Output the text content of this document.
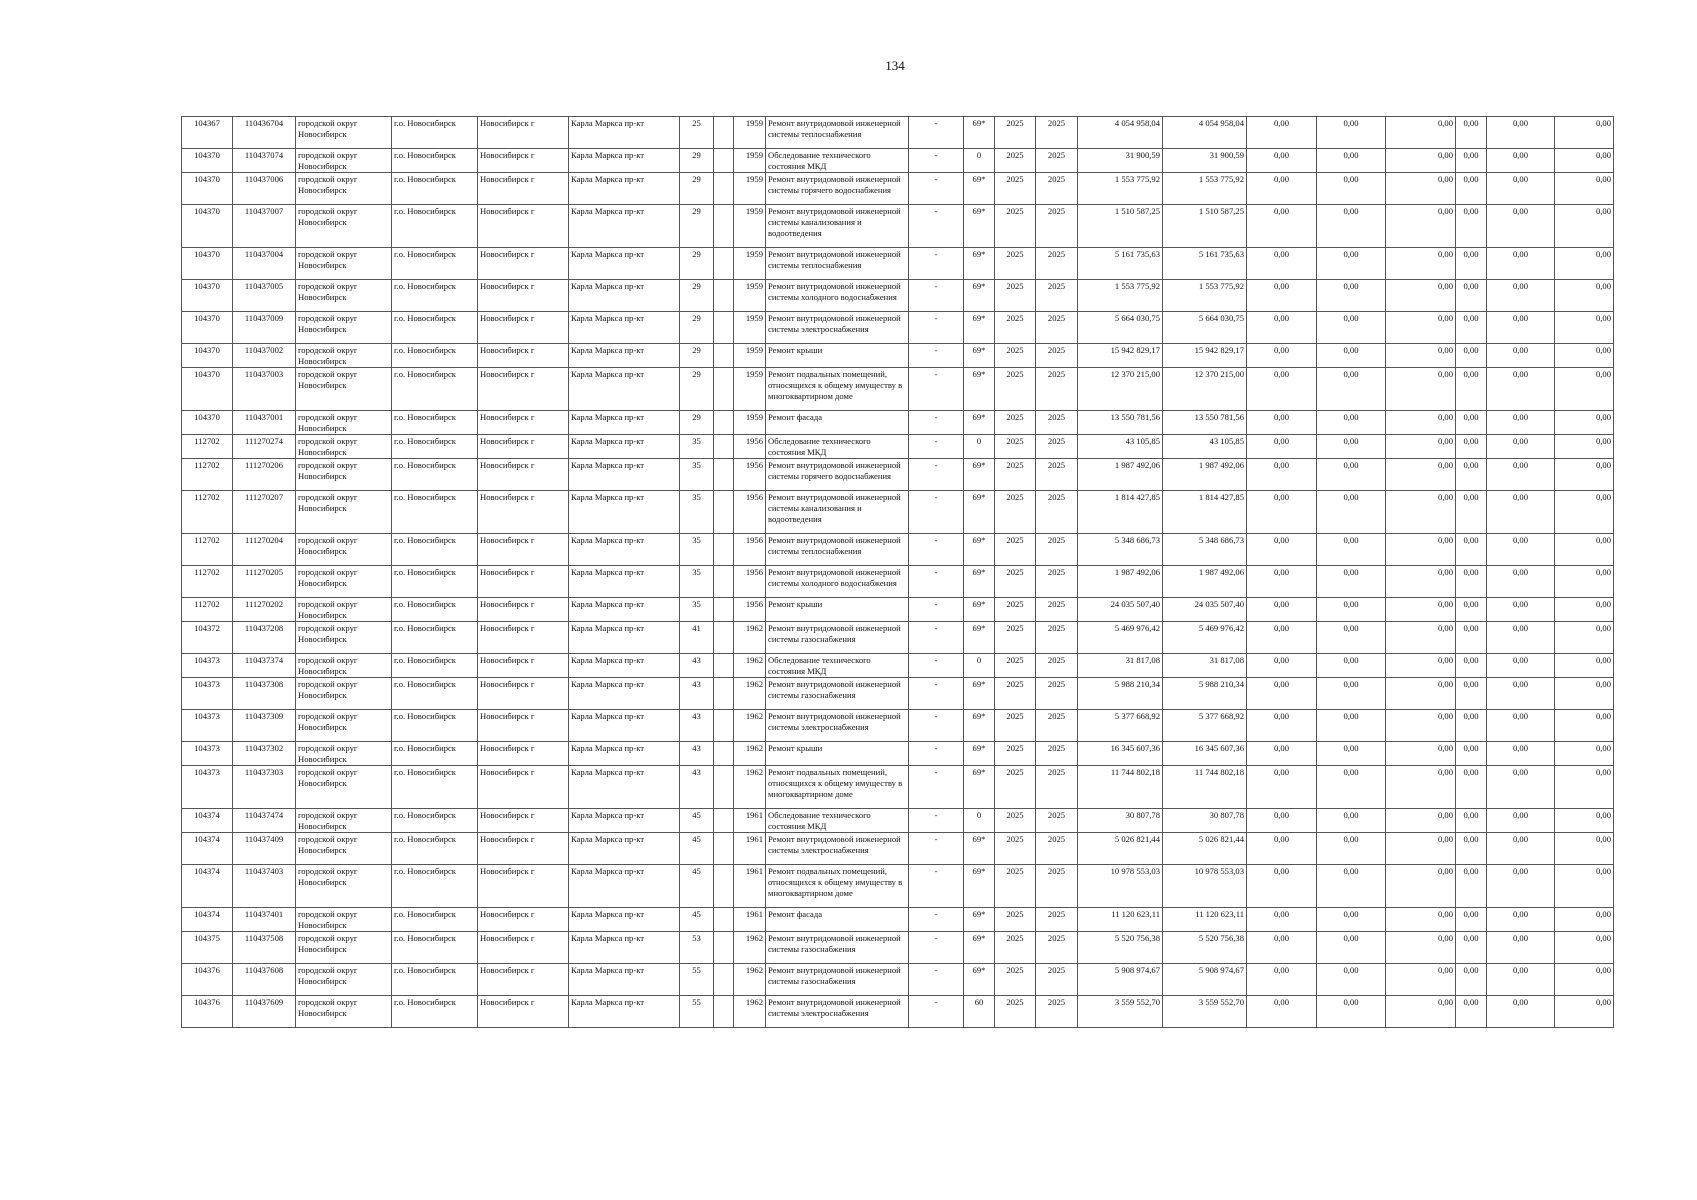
134
104367	110436704	городской округ Новосибирск	г.о. Новосибирск	Новосибирск г	Карла Маркса пр-кт	25		1959	Ремонт внутридомовой инженерной системы теплоснабжения	-	69*	2025	2025	4 054 958,04	4 054 958,04	0,00	0,00	0,00	0,00	0,00	0,00
104370	110437074	городской округ Новосибирск	г.о. Новосибирск	Новосибирск г	Карла Маркса пр-кт	29		1959	Обследование технического состояния МКД	-	0	2025	2025	31 900,59	31 900,59	0,00	0,00	0,00	0,00	0,00	0,00
104370	110437006	городской округ Новосибирск	г.о. Новосибирск	Новосибирск г	Карла Маркса пр-кт	29		1959	Ремонт внутридомовой инженерной системы горячего водоснабжения	-	69*	2025	2025	1 553 775,92	1 553 775,92	0,00	0,00	0,00	0,00	0,00	0,00
104370	110437007	городской округ Новосибирск	г.о. Новосибирск	Новосибирск г	Карла Маркса пр-кт	29		1959	Ремонт внутридомовой инженерной системы канализования и водоотведения	-	69*	2025	2025	1 510 587,25	1 510 587,25	0,00	0,00	0,00	0,00	0,00	0,00
104370	110437004	городской округ Новосибирск	г.о. Новосибирск	Новосибирск г	Карла Маркса пр-кт	29		1959	Ремонт внутридомовой инженерной системы теплоснабжения	-	69*	2025	2025	5 161 735,63	5 161 735,63	0,00	0,00	0,00	0,00	0,00	0,00
104370	110437005	городской округ Новосибирск	г.о. Новосибирск	Новосибирск г	Карла Маркса пр-кт	29		1959	Ремонт внутридомовой инженерной системы холодного водоснабжения	-	69*	2025	2025	1 553 775,92	1 553 775,92	0,00	0,00	0,00	0,00	0,00	0,00
104370	110437009	городской округ Новосибирск	г.о. Новосибирск	Новосибирск г	Карла Маркса пр-кт	29		1959	Ремонт внутридомовой инженерной системы электроснабжения	-	69*	2025	2025	5 664 030,75	5 664 030,75	0,00	0,00	0,00	0,00	0,00	0,00
104370	110437002	городской округ Новосибирск	г.о. Новосибирск	Новосибирск г	Карла Маркса пр-кт	29		1959	Ремонт крыши	-	69*	2025	2025	15 942 829,17	15 942 829,17	0,00	0,00	0,00	0,00	0,00	0,00
104370	110437003	городской округ Новосибирск	г.о. Новосибирск	Новосибирск г	Карла Маркса пр-кт	29		1959	Ремонт подвальных помещений, относящихся к общему имуществу в многоквартирном доме	-	69*	2025	2025	12 370 215,00	12 370 215,00	0,00	0,00	0,00	0,00	0,00	0,00
104370	110437001	городской округ Новосибирск	г.о. Новосибирск	Новосибирск г	Карла Маркса пр-кт	29		1959	Ремонт фасада	-	69*	2025	2025	13 550 781,56	13 550 781,56	0,00	0,00	0,00	0,00	0,00	0,00
112702	111270274	городской округ Новосибирск	г.о. Новосибирск	Новосибирск г	Карла Маркса пр-кт	35		1956	Обследование технического состояния МКД	-	0	2025	2025	43 105,85	43 105,85	0,00	0,00	0,00	0,00	0,00	0,00
112702	111270206	городской округ Новосибирск	г.о. Новосибирск	Новосибирск г	Карла Маркса пр-кт	35		1956	Ремонт внутридомовой инженерной системы горячего водоснабжения	-	69*	2025	2025	1 987 492,06	1 987 492,06	0,00	0,00	0,00	0,00	0,00	0,00
112702	111270207	городской округ Новосибирск	г.о. Новосибирск	Новосибирск г	Карла Маркса пр-кт	35		1956	Ремонт внутридомовой инженерной системы канализования и водоотведения	-	69*	2025	2025	1 814 427,85	1 814 427,85	0,00	0,00	0,00	0,00	0,00	0,00
112702	111270204	городской округ Новосибирск	г.о. Новосибирск	Новосибирск г	Карла Маркса пр-кт	35		1956	Ремонт внутридомовой инженерной системы теплоснабжения	-	69*	2025	2025	5 348 686,73	5 348 686,73	0,00	0,00	0,00	0,00	0,00	0,00
112702	111270205	городской округ Новосибирск	г.о. Новосибирск	Новосибирск г	Карла Маркса пр-кт	35		1956	Ремонт внутридомовой инженерной системы холодного водоснабжения	-	69*	2025	2025	1 987 492,06	1 987 492,06	0,00	0,00	0,00	0,00	0,00	0,00
112702	111270202	городской округ Новосибирск	г.о. Новосибирск	Новосибирск г	Карла Маркса пр-кт	35		1956	Ремонт крыши	-	69*	2025	2025	24 035 507,40	24 035 507,40	0,00	0,00	0,00	0,00	0,00	0,00
104372	110437208	городской округ Новосибирск	г.о. Новосибирск	Новосибирск г	Карла Маркса пр-кт	41		1962	Ремонт внутридомовой инженерной системы газоснабжения	-	69*	2025	2025	5 469 976,42	5 469 976,42	0,00	0,00	0,00	0,00	0,00	0,00
104373	110437374	городской округ Новосибирск	г.о. Новосибирск	Новосибирск г	Карла Маркса пр-кт	43		1962	Обследование технического состояния МКД	-	0	2025	2025	31 817,08	31 817,08	0,00	0,00	0,00	0,00	0,00	0,00
104373	110437308	городской округ Новосибирск	г.о. Новосибирск	Новосибирск г	Карла Маркса пр-кт	43		1962	Ремонт внутридомовой инженерной системы газоснабжения	-	69*	2025	2025	5 988 210,34	5 988 210,34	0,00	0,00	0,00	0,00	0,00	0,00
104373	110437309	городской округ Новосибирск	г.о. Новосибирск	Новосибирск г	Карла Маркса пр-кт	43		1962	Ремонт внутридомовой инженерной системы электроснабжения	-	69*	2025	2025	5 377 668,92	5 377 668,92	0,00	0,00	0,00	0,00	0,00	0,00
104373	110437302	городской округ Новосибирск	г.о. Новосибирск	Новосибирск г	Карла Маркса пр-кт	43		1962	Ремонт крыши	-	69*	2025	2025	16 345 607,36	16 345 607,36	0,00	0,00	0,00	0,00	0,00	0,00
104373	110437303	городской округ Новосибирск	г.о. Новосибирск	Новосибирск г	Карла Маркса пр-кт	43		1962	Ремонт подвальных помещений, относящихся к общему имуществу в многоквартирном доме	-	69*	2025	2025	11 744 802,18	11 744 802,18	0,00	0,00	0,00	0,00	0,00	0,00
104374	110437474	городской округ Новосибирск	г.о. Новосибирск	Новосибирск г	Карла Маркса пр-кт	45		1961	Обследование технического состояния МКД	-	0	2025	2025	30 807,78	30 807,78	0,00	0,00	0,00	0,00	0,00	0,00
104374	110437409	городской округ Новосибирск	г.о. Новосибирск	Новосибирск г	Карла Маркса пр-кт	45		1961	Ремонт внутридомовой инженерной системы электроснабжения	-	69*	2025	2025	5 026 821,44	5 026 821,44	0,00	0,00	0,00	0,00	0,00	0,00
104374	110437403	городской округ Новосибирск	г.о. Новосибирск	Новосибирск г	Карла Маркса пр-кт	45		1961	Ремонт подвальных помещений, относящихся к общему имуществу в многоквартирном доме	-	69*	2025	2025	10 978 553,03	10 978 553,03	0,00	0,00	0,00	0,00	0,00	0,00
104374	110437401	городской округ Новосибирск	г.о. Новосибирск	Новосибирск г	Карла Маркса пр-кт	45		1961	Ремонт фасада	-	69*	2025	2025	11 120 623,11	11 120 623,11	0,00	0,00	0,00	0,00	0,00	0,00
104375	110437508	городской округ Новосибирск	г.о. Новосибирск	Новосибирск г	Карла Маркса пр-кт	53		1962	Ремонт внутридомовой инженерной системы газоснабжения	-	69*	2025	2025	5 520 756,38	5 520 756,38	0,00	0,00	0,00	0,00	0,00	0,00
104376	110437608	городской округ Новосибирск	г.о. Новосибирск	Новосибирск г	Карла Маркса пр-кт	55		1962	Ремонт внутридомовой инженерной системы газоснабжения	-	69*	2025	2025	5 908 974,67	5 908 974,67	0,00	0,00	0,00	0,00	0,00	0,00
104376	110437609	городской округ Новосибирск	г.о. Новосибирск	Новосибирск г	Карла Маркса пр-кт	55		1962	Ремонт внутридомовой инженерной системы электроснабжения	-	60	2025	2025	3 559 552,70	3 559 552,70	0,00	0,00	0,00	0,00	0,00	0,00
